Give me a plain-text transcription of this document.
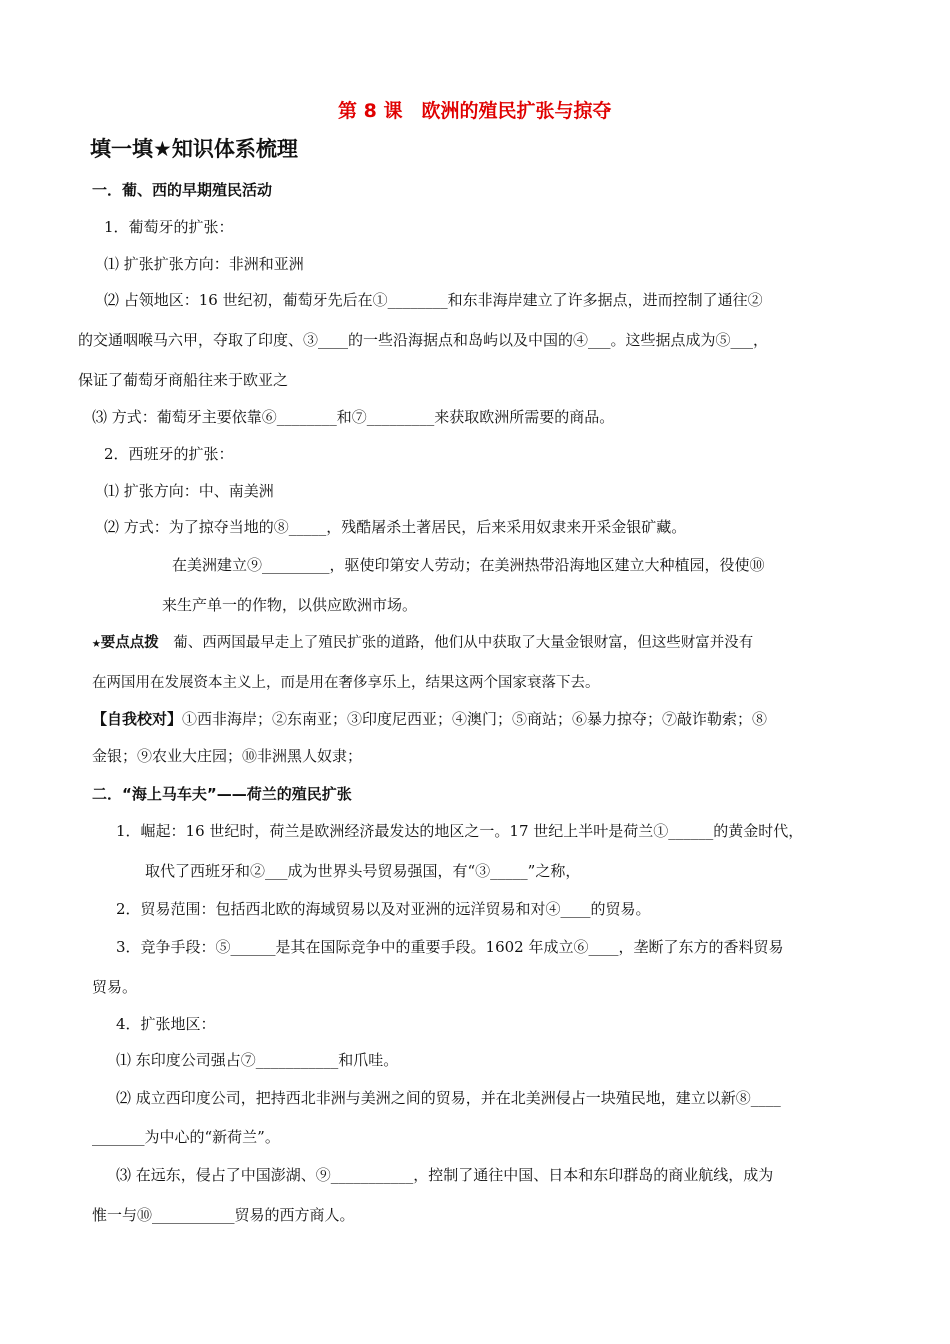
第 8 课　欧洲的殖民扩张与掠夺
填一填★知识体系梳理
一．葡、西的早期殖民活动
1．葡萄牙的扩张：
⑴ 扩张扩张方向：非洲和亚洲
⑵ 占领地区：16 世纪初，葡萄牙先后在①________和东非海岸建立了许多据点，进而控制了通往②
的交通咽喉马六甲，夺取了印度、③____的一些沿海据点和岛屿以及中国的④___。这些据点成为⑤___，
保证了葡萄牙商船往来于欧亚之
⑶ 方式：葡萄牙主要依靠⑥________和⑦_________来获取欧洲所需要的商品。
2．西班牙的扩张：
⑴ 扩张方向：中、南美洲
⑵ 方式：为了掠夺当地的⑧_____，残酷屠杀土著居民，后来采用奴隶来开采金银矿藏。
在美洲建立⑨_________，驱使印第安人劳动；在美洲热带沿海地区建立大种植园，役使⑩
来生产单一的作物，以供应欧洲市场。
★要点点拨　葡、西两国最早走上了殖民扩张的道路，他们从中获取了大量金银财富，但这些财富并没有
在两国用在发展资本主义上，而是用在奢侈享乐上，结果这两个国家衰落下去。
【自我校对】①西非海岸；②东南亚；③印度尼西亚；④澳门；⑤商站；⑥暴力掠夺；⑦敲诈勒索；⑧
金银；⑨农业大庄园；⑩非洲黑人奴隶；
二．“海上马车夫”——荷兰的殖民扩张
1．崛起：16 世纪时，荷兰是欧洲经济最发达的地区之一。17 世纪上半叶是荷兰①______的黄金时代，
取代了西班牙和②___成为世界头号贸易强国，有“③_____”之称，
2．贸易范围：包括西北欧的海域贸易以及对亚洲的远洋贸易和对④____的贸易。
3．竞争手段：⑤______是其在国际竞争中的重要手段。1602 年成立⑥____，垄断了东方的香料贸易
贸易。
4．扩张地区：
⑴ 东印度公司强占⑦___________和爪哇。
⑵ 成立西印度公司，把持西北非洲与美洲之间的贸易，并在北美洲侵占一块殖民地，建立以新⑧____
_______为中心的“新荷兰”。
⑶ 在远东，侵占了中国澎湖、⑨___________，控制了通往中国、日本和东印群岛的商业航线，成为
惟一与⑩___________贸易的西方商人。
